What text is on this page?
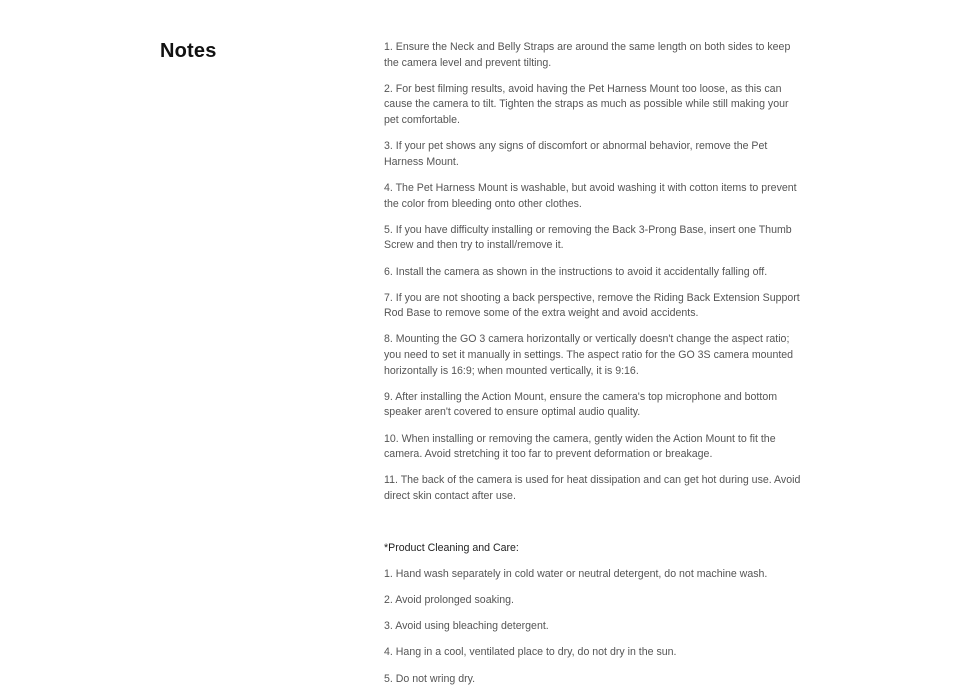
Notes	1. Ensure the Neck and Belly Straps are around the same length on both sides to keep the camera level and prevent tilting.
2. For best filming results, avoid having the Pet Harness Mount too loose, as this can cause the camera to tilt. Tighten the straps as much as possible while still making your pet comfortable.
3. If your pet shows any signs of discomfort or abnormal behavior, remove the Pet Harness Mount.
4. The Pet Harness Mount is washable, but avoid washing it with cotton items to prevent the color from bleeding onto other clothes.
5. If you have difficulty installing or removing the Back 3-Prong Base, insert one Thumb Screw and then try to install/remove it.
6. Install the camera as shown in the instructions to avoid it accidentally falling off.
7. If you are not shooting a back perspective, remove the Riding Back Extension Support Rod Base to remove some of the extra weight and avoid accidents.
8. Mounting the GO 3 camera horizontally or vertically doesn't change the aspect ratio; you need to set it manually in settings. The aspect ratio for the GO 3S camera mounted horizontally is 16:9; when mounted vertically, it is 9:16.
9. After installing the Action Mount, ensure the camera's top microphone and bottom speaker aren't covered to ensure optimal audio quality.
10. When installing or removing the camera, gently widen the Action Mount to fit the camera. Avoid stretching it too far to prevent deformation or breakage.
11. The back of the camera is used for heat dissipation and can get hot during use. Avoid direct skin contact after use.

*Product Cleaning and Care:

1. Hand wash separately in cold water or neutral detergent, do not machine wash.
2. Avoid prolonged soaking.
3. Avoid using bleaching detergent.
4. Hang in a cool, ventilated place to dry, do not dry in the sun.
5. Do not wring dry.
